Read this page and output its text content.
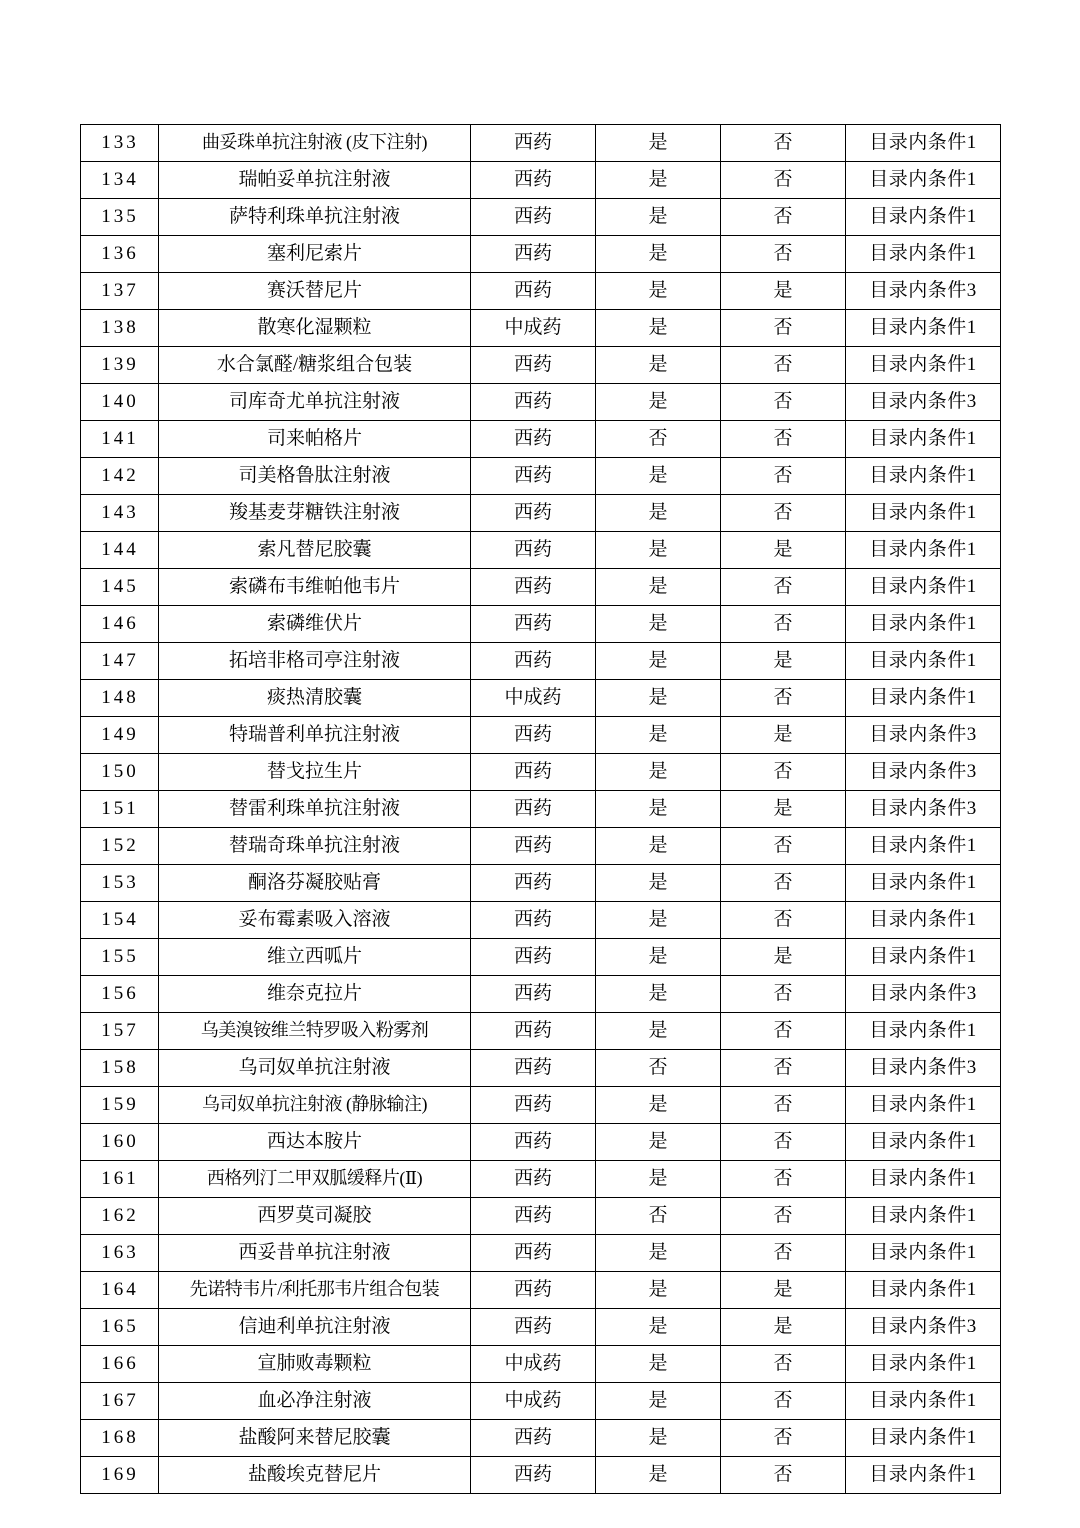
133	曲妥珠单抗注射液 (皮下注射)	西药	是	否	目录内条件1
134	瑞帕妥单抗注射液	西药	是	否	目录内条件1
135	萨特利珠单抗注射液	西药	是	否	目录内条件1
136	塞利尼索片	西药	是	否	目录内条件1
137	赛沃替尼片	西药	是	是	目录内条件3
138	散寒化湿颗粒	中成药	是	否	目录内条件1
139	水合氯醛/糖浆组合包装	西药	是	否	目录内条件1
140	司库奇尤单抗注射液	西药	是	否	目录内条件3
141	司来帕格片	西药	否	否	目录内条件1
142	司美格鲁肽注射液	西药	是	否	目录内条件1
143	羧基麦芽糖铁注射液	西药	是	否	目录内条件1
144	索凡替尼胶囊	西药	是	是	目录内条件1
145	索磷布韦维帕他韦片	西药	是	否	目录内条件1
146	索磷维伏片	西药	是	否	目录内条件1
147	拓培非格司亭注射液	西药	是	是	目录内条件1
148	痰热清胶囊	中成药	是	否	目录内条件1
149	特瑞普利单抗注射液	西药	是	是	目录内条件3
150	替戈拉生片	西药	是	否	目录内条件3
151	替雷利珠单抗注射液	西药	是	是	目录内条件3
152	替瑞奇珠单抗注射液	西药	是	否	目录内条件1
153	酮洛芬凝胶贴膏	西药	是	否	目录内条件1
154	妥布霉素吸入溶液	西药	是	否	目录内条件1
155	维立西呱片	西药	是	是	目录内条件1
156	维奈克拉片	西药	是	否	目录内条件3
157	乌美溴铵维兰特罗吸入粉雾剂	西药	是	否	目录内条件1
158	乌司奴单抗注射液	西药	否	否	目录内条件3
159	乌司奴单抗注射液 (静脉输注)	西药	是	否	目录内条件1
160	西达本胺片	西药	是	否	目录内条件1
161	西格列汀二甲双胍缓释片(Ⅱ)	西药	是	否	目录内条件1
162	西罗莫司凝胶	西药	否	否	目录内条件1
163	西妥昔单抗注射液	西药	是	否	目录内条件1
164	先诺特韦片/利托那韦片组合包装	西药	是	是	目录内条件1
165	信迪利单抗注射液	西药	是	是	目录内条件3
166	宣肺败毒颗粒	中成药	是	否	目录内条件1
167	血必净注射液	中成药	是	否	目录内条件1
168	盐酸阿来替尼胶囊	西药	是	否	目录内条件1
169	盐酸埃克替尼片	西药	是	否	目录内条件1
